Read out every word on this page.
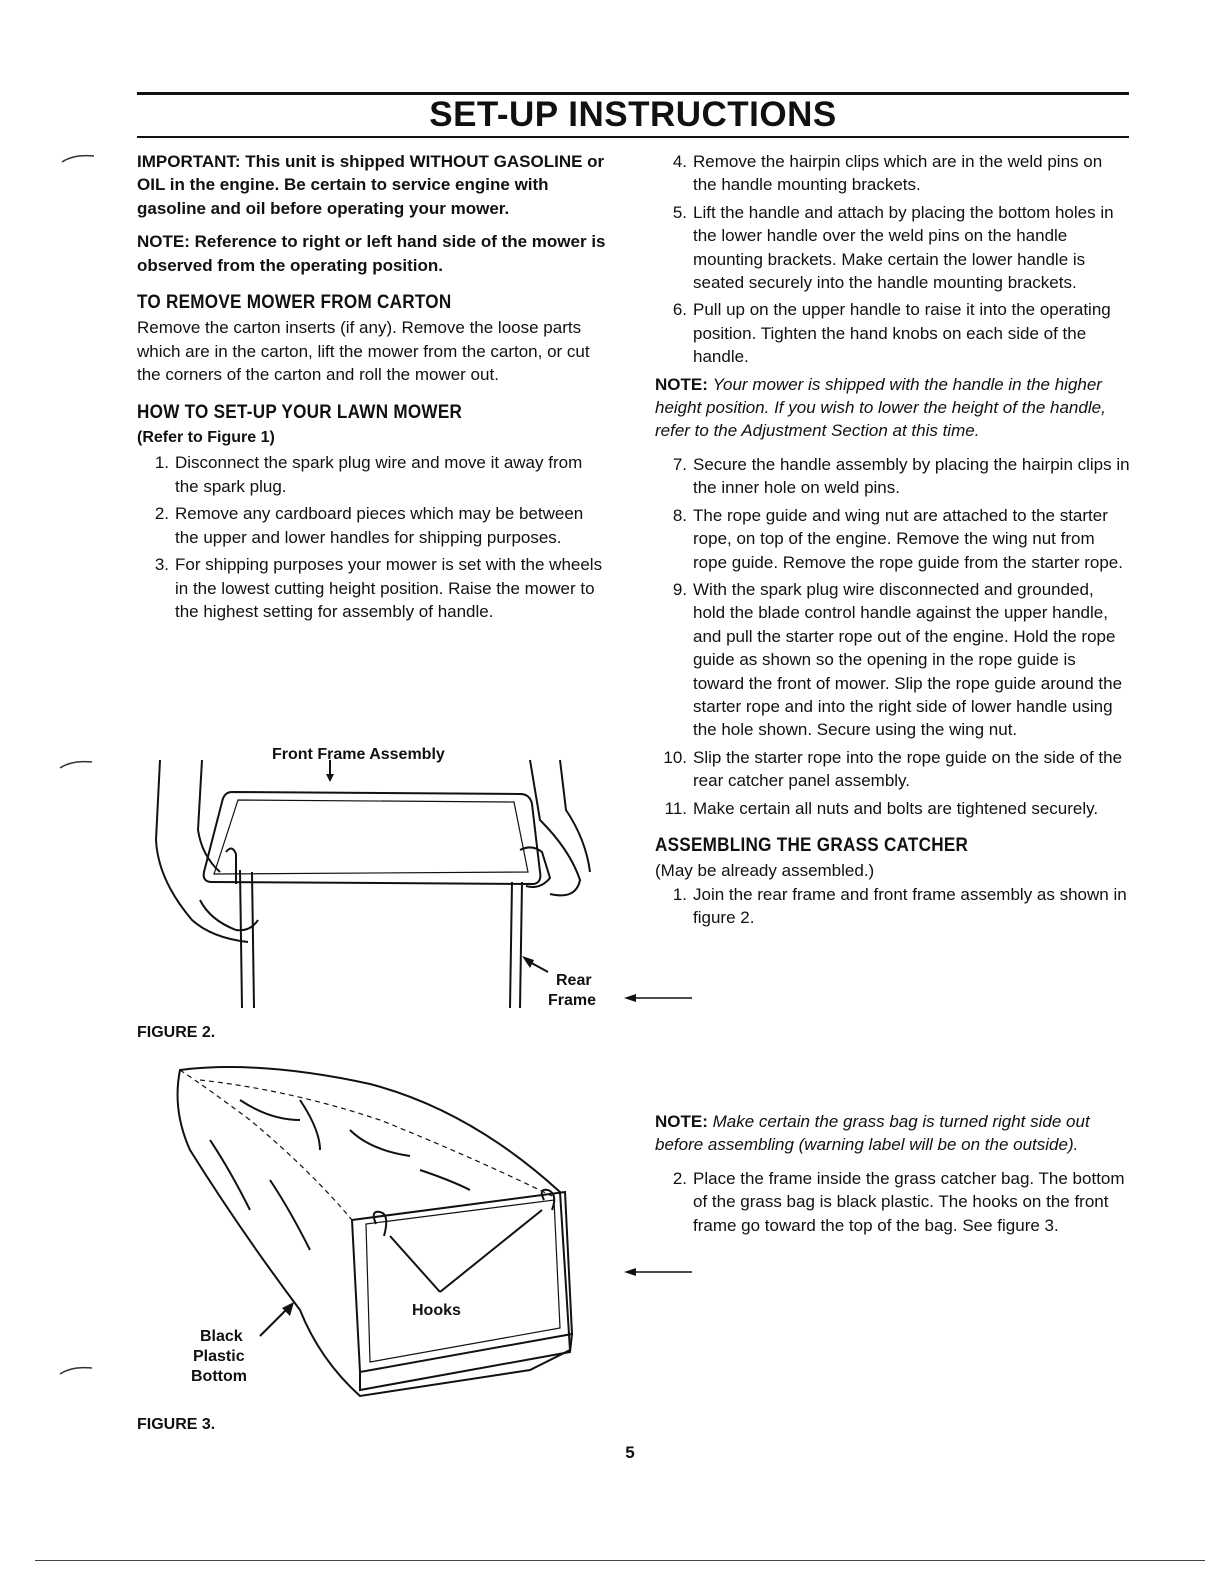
SET-UP INSTRUCTIONS

IMPORTANT: This unit is shipped WITHOUT GASOLINE or OIL in the engine. Be certain to service engine with gasoline and oil before operating your mower.

NOTE: Reference to right or left hand side of the mower is observed from the operating position.

TO REMOVE MOWER FROM CARTON

Remove the carton inserts (if any). Remove the loose parts which are in the carton, lift the mower from the carton, or cut the corners of the carton and roll the mower out.

HOW TO SET-UP YOUR LAWN MOWER
(Refer to Figure 1)
1. Disconnect the spark plug wire and move it away from the spark plug.
2. Remove any cardboard pieces which may be between the upper and lower handles for shipping purposes.
3. For shipping purposes your mower is set with the wheels in the lowest cutting height position. Raise the mower to the highest setting for assembly of handle.
4. Remove the hairpin clips which are in the weld pins on the handle mounting brackets.
5. Lift the handle and attach by placing the bottom holes in the lower handle over the weld pins on the handle mounting brackets. Make certain the lower handle is seated securely into the handle mounting brackets.
6. Pull up on the upper handle to raise it into the operating position. Tighten the hand knobs on each side of the handle.

NOTE: Your mower is shipped with the handle in the higher height position. If you wish to lower the height of the handle, refer to the Adjustment Section at this time.

7. Secure the handle assembly by placing the hairpin clips in the inner hole on weld pins.
8. The rope guide and wing nut are attached to the starter rope, on top of the engine. Remove the wing nut from rope guide. Remove the rope guide from the starter rope.
9. With the spark plug wire disconnected and grounded, hold the blade control handle against the upper handle, and pull the starter rope out of the engine. Hold the rope guide as shown so the opening in the rope guide is toward the front of mower. Slip the rope guide around the starter rope and into the right side of lower handle using the hole shown. Secure using the wing nut.
10. Slip the starter rope into the rope guide on the side of the rear catcher panel assembly.
11. Make certain all nuts and bolts are tightened securely.
ASSEMBLING THE GRASS CATCHER
(May be already assembled.)
1. Join the rear frame and front frame assembly as shown in figure 2.

NOTE: Make certain the grass bag is turned right side out before assembling (warning label will be on the outside).

2. Place the frame inside the grass catcher bag. The bottom of the grass bag is black plastic. The hooks on the front frame go toward the top of the bag. See figure 3.
Front Frame Assembly
Rear
Frame
FIGURE 2.
Hooks
Black
Plastic
Bottom
FIGURE 3.
5
